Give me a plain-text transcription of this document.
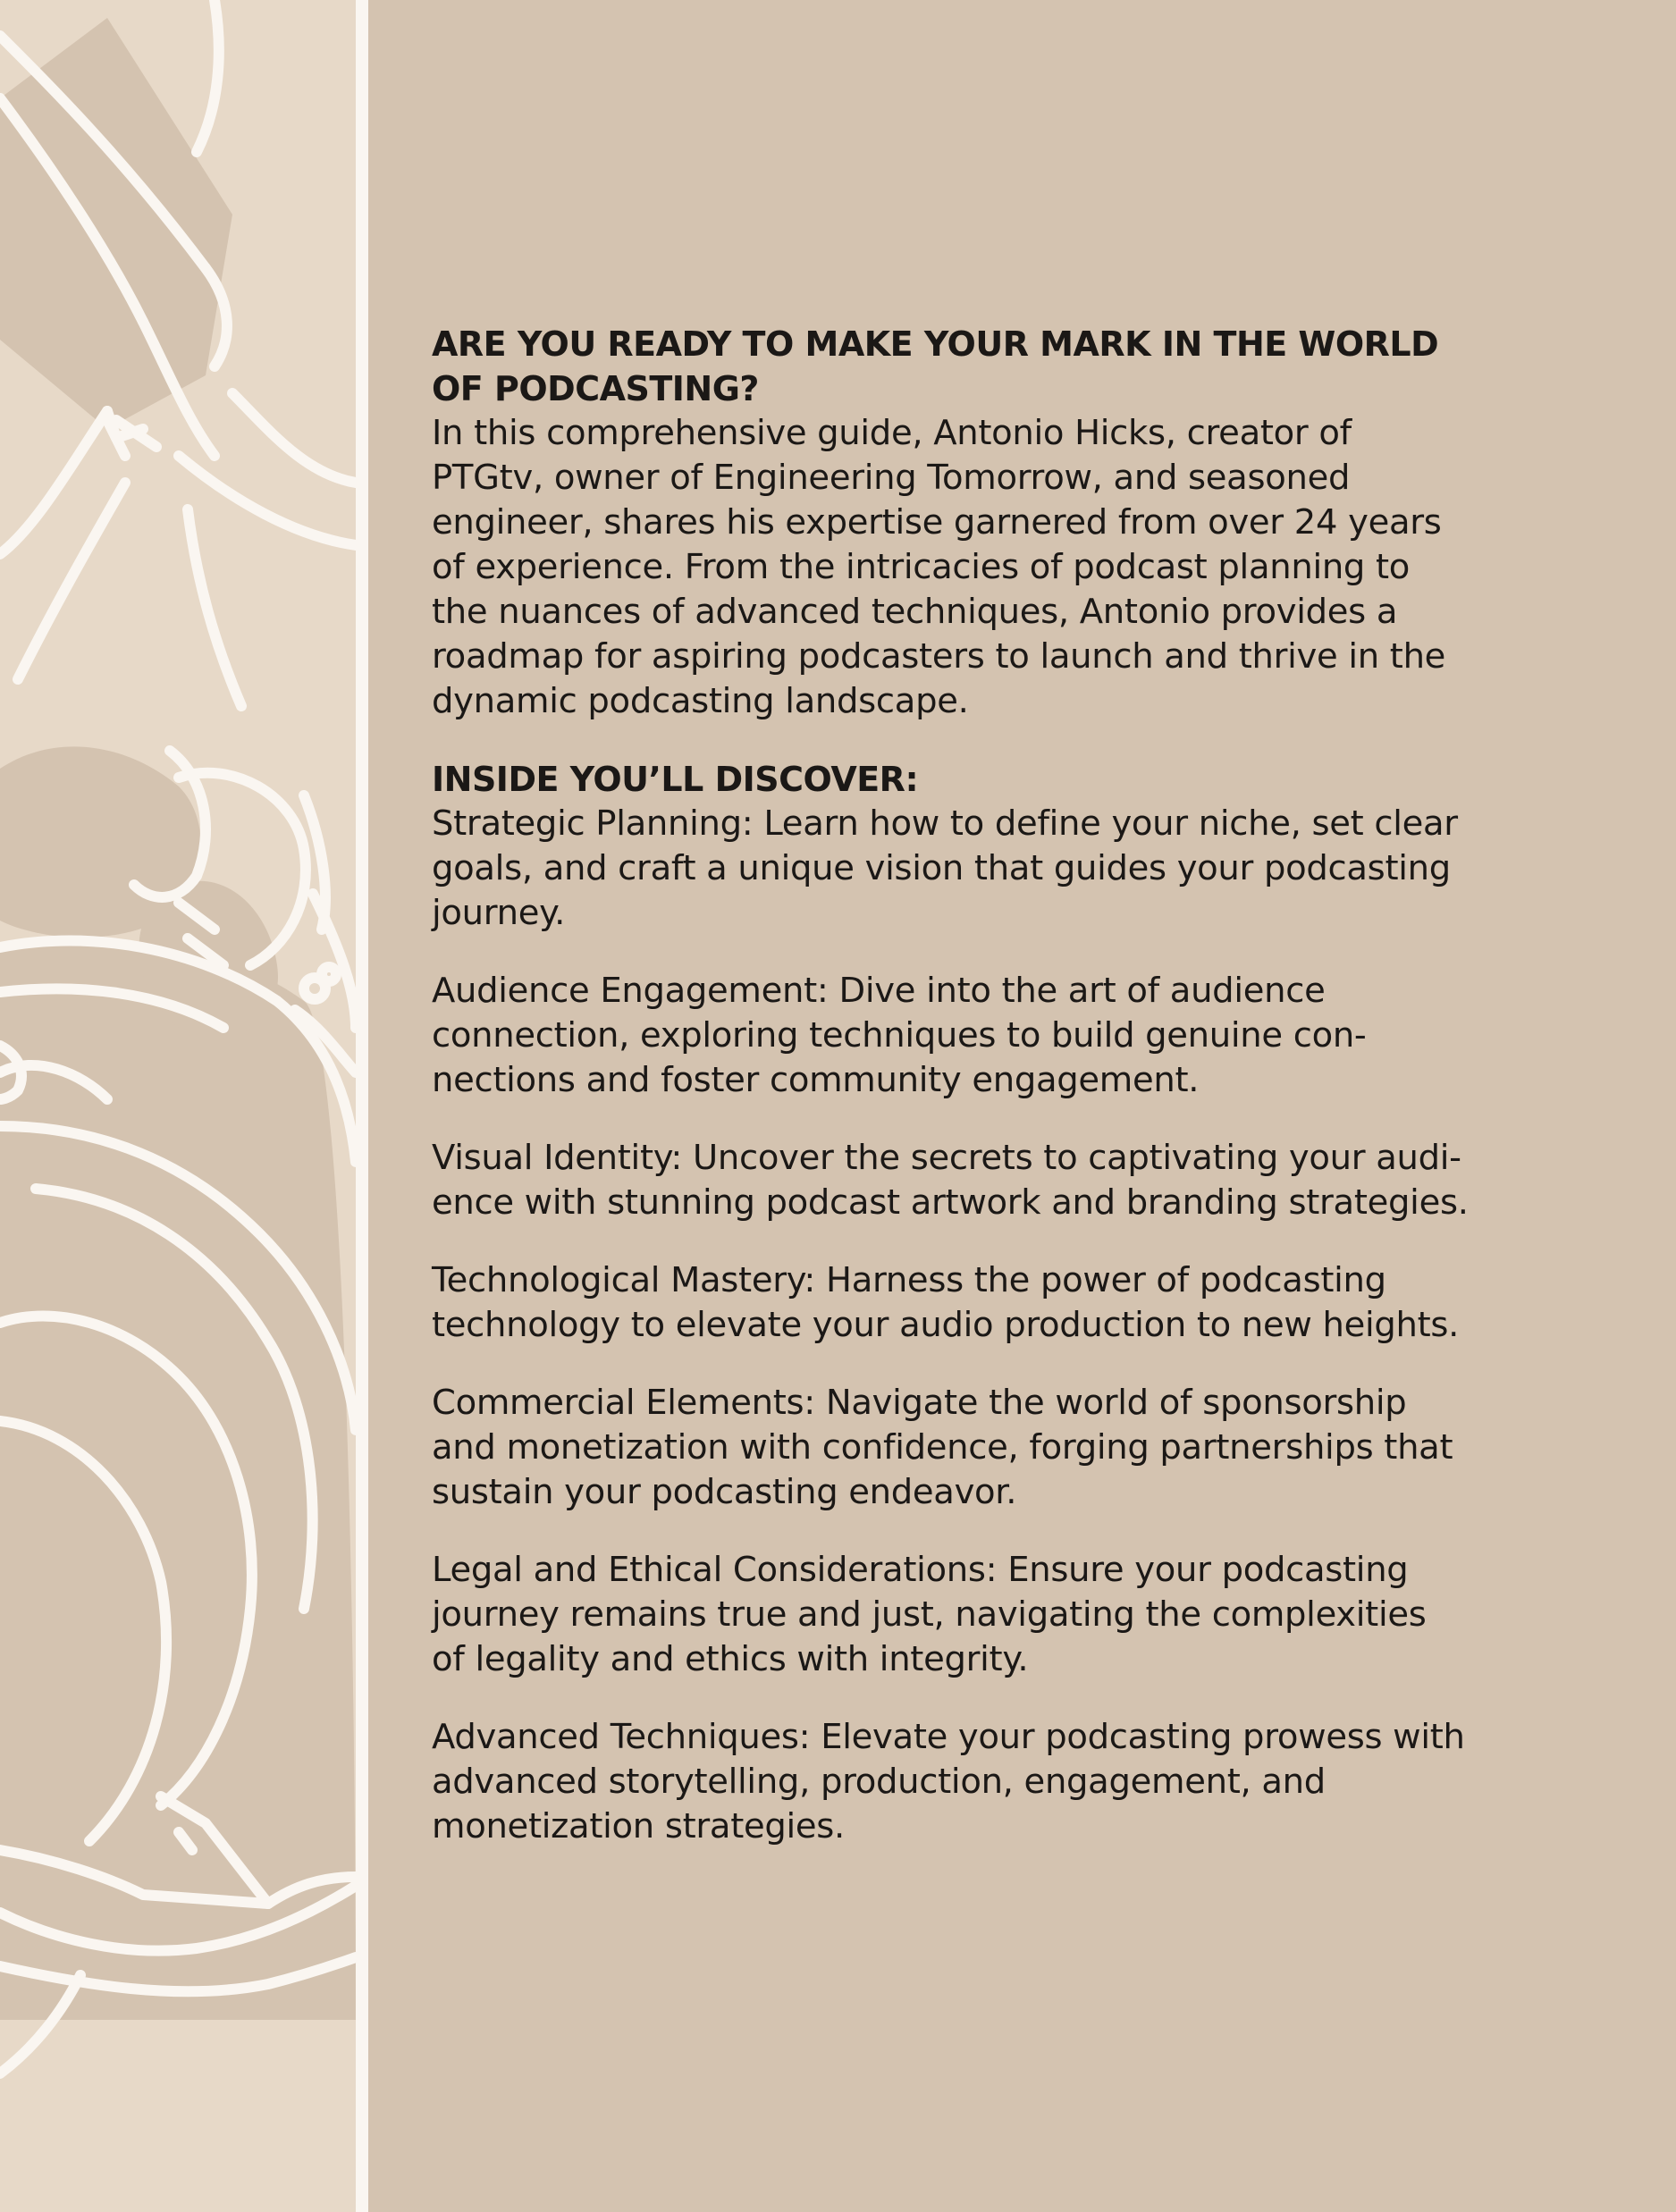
ARE YOU READY TO MAKE YOUR MARK IN THE WORLD OF PODCASTING?

In this comprehensive guide, Antonio Hicks, creator of PTGtv, owner of Engineering Tomorrow, and seasoned engineer, shares his expertise garnered from over 24 years of experience. From the intricacies of podcast planning to the nuances of advanced techniques, Antonio provides a roadmap for aspiring podcasters to launch and thrive in the dynamic podcasting landscape.

INSIDE YOU’LL DISCOVER:

Strategic Planning: Learn how to define your niche, set clear goals, and craft a unique vision that guides your podcasting journey.

Audience Engagement: Dive into the art of audience connection, exploring techniques to build genuine con-nections and foster community engagement.

Visual Identity: Uncover the secrets to captivating your audi-ence with stunning podcast artwork and branding strategies.

Technological Mastery: Harness the power of podcasting technology to elevate your audio production to new heights.

Commercial Elements: Navigate the world of sponsorship and monetization with confidence, forging partnerships that sustain your podcasting endeavor.

Legal and Ethical Considerations: Ensure your podcasting journey remains true and just, navigating the complexities of legality and ethics with integrity.

Advanced Techniques: Elevate your podcasting prowess with advanced storytelling, production, engagement, and monetization strategies.
